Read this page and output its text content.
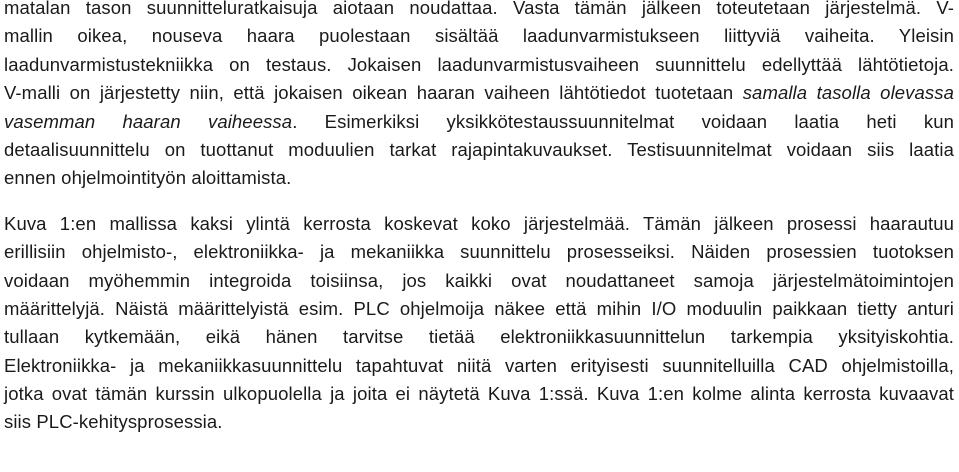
matalan tason suunnitteluratkaisuja aiotaan noudattaa. Vasta tämän jälkeen toteutetaan järjestelmä. V-
mallin oikea, nouseva haara puolestaan sisältää laadunvarmistukseen liittyviä vaiheita. Yleisin
laadunvarmistustekniikka on testaus. Jokaisen laadunvarmistusvaiheen suunnittelu edellyttää lähtötietoja.
V-malli on järjestetty niin, että jokaisen oikean haaran vaiheen lähtötiedot tuotetaan samalla tasolla olevassa
vasemman haaran vaiheessa. Esimerkiksi yksikkötestaussuunnitelmat voidaan laatia heti kun
detaalisuunnittelu on tuottanut moduulien tarkat rajapintakuvaukset. Testisuunnitelmat voidaan siis laatia
ennen ohjelmointityön aloittamista.

Kuva 1:en mallissa kaksi ylintä kerrosta koskevat koko järjestelmää. Tämän jälkeen prosessi haarautuu
erillisiin ohjelmisto-, elektroniikka- ja mekaniikka suunnittelu prosesseiksi. Näiden prosessien tuotoksen
voidaan myöhemmin integroida toisiinsa, jos kaikki ovat noudattaneet samoja järjestelmätoimintojen
määrittelyjä. Näistä määrittelyistä esim. PLC ohjelmoija näkee että mihin I/O moduulin paikkaan tietty anturi
tullaan kytkemään, eikä hänen tarvitse tietää elektroniikkasuunnittelun tarkempia yksityiskohtia.
Elektroniikka- ja mekaniikkasuunnittelu tapahtuvat niitä varten erityisesti suunnitelluilla CAD ohjelmistoilla,
jotka ovat tämän kurssin ulkopuolella ja joita ei näytetä Kuva 1:ssä. Kuva 1:en kolme alinta kerrosta kuvaavat
siis PLC-kehitysprosessia.
